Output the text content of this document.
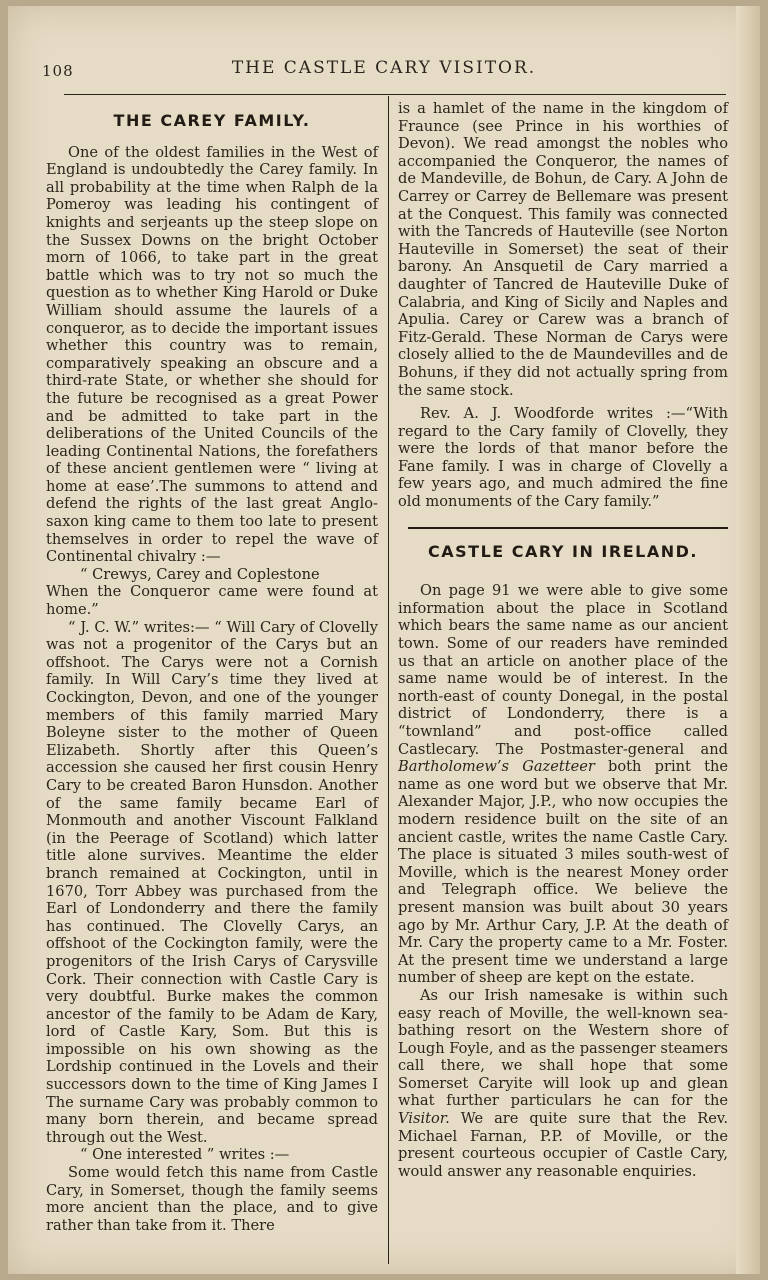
108	THE CASTLE CARY VISITOR.
THE CAREY FAMILY.

One of the oldest families in the West of England is undoubtedly the Carey family. In all probability at the time when Ralph de la Pomeroy was leading his contingent of knights and serjeants up the steep slope on the Sussex Downs on the bright October morn of 1066, to take part in the great battle which was to try not so much the question as to whether King Harold or Duke William should assume the laurels of a conqueror, as to decide the important issues whether this country was to remain, comparatively speaking an obscure and a third-rate State, or whether she should for the future be recognised as a great Power and be admitted to take part in the deliberations of the United Councils of the leading Continental Nations, the forefathers of these ancient gentlemen were “ living at home at ease’.The summons to attend and defend the rights of the last great Anglo-saxon king came to them too late to present themselves in order to repel the wave of Continental chivalry :—

“ Crewys, Carey and Coplestone

When the Conqueror came were found at home.”

“ J. C. W.” writes:— “ Will Cary of Clovelly was not a progenitor of the Carys but an offshoot. The Carys were not a Cornish family. In Will Cary’s time they lived at Cockington, Devon, and one of the younger members of this family married Mary Boleyne sister to the mother of Queen Elizabeth. Shortly after this Queen’s accession she caused her first cousin Henry Cary to be created Baron Hunsdon. Another of the same family became Earl of Monmouth and another Viscount Falkland (in the Peerage of Scotland) which latter title alone survives. Meantime the elder branch remained at Cockington, until in 1670, Torr Abbey was purchased from the Earl of Londonderry and there the family has continued. The Clovelly Carys, an offshoot of the Cockington family, were the progenitors of the Irish Carys of Carysville Cork. Their connection with Castle Cary is very doubtful. Burke makes the common ancestor of the family to be Adam de Kary, lord of Castle Kary, Som. But this is impossible on his own showing as the Lordship continued in the Lovels and their successors down to the time of King James I The surname Cary was probably common to many born therein, and became spread through out the West.

“ One interested ” writes :—

Some would fetch this name from Castle Cary, in Somerset, though the family seems more ancient than the place, and to give rather than take from it. There

is a hamlet of the name in the kingdom of Fraunce (see Prince in his worthies of Devon). We read amongst the nobles who accompanied the Conqueror, the names of de Mandeville, de Bohun, de Cary. A John de Carrey or Carrey de Bellemare was present at the Conquest. This family was connected with the Tancreds of Hauteville (see Norton Hauteville in Somerset) the seat of their barony. An Ansquetil de Cary married a daughter of Tancred de Hauteville Duke of Calabria, and King of Sicily and Naples and Apulia. Carey or Carew was a branch of Fitz-Gerald. These Norman de Carys were closely allied to the de Maundevilles and de Bohuns, if they did not actually spring from the same stock.

Rev. A. J. Woodforde writes :—“With regard to the Cary family of Clovelly, they were the lords of that manor before the Fane family. I was in charge of Clovelly a few years ago, and much admired the fine old monuments of the Cary family.”

CASTLE CARY IN IRELAND.

On page 91 we were able to give some information about the place in Scotland which bears the same name as our ancient town. Some of our readers have reminded us that an article on another place of the same name would be of interest. In the north-east of county Donegal, in the postal district of Londonderry, there is a “townland” and post-office called Castlecary. The Postmaster-general and Bartholomew’s Gazetteer both print the name as one word but we observe that Mr. Alexander Major, J.P., who now occupies the modern residence built on the site of an ancient castle, writes the name Castle Cary. The place is situated 3 miles south-west of Moville, which is the nearest Money order and Telegraph office. We believe the present mansion was built about 30 years ago by Mr. Arthur Cary, J.P. At the death of Mr. Cary the property came to a Mr. Foster. At the present time we understand a large number of sheep are kept on the estate.

As our Irish namesake is within such easy reach of Moville, the well-known sea-bathing resort on the Western shore of Lough Foyle, and as the passenger steamers call there, we shall hope that some Somerset Caryite will look up and glean what further particulars he can for the Visitor. We are quite sure that the Rev. Michael Farnan, P.P. of Moville, or the present courteous occupier of Castle Cary, would answer any reasonable enquiries.
